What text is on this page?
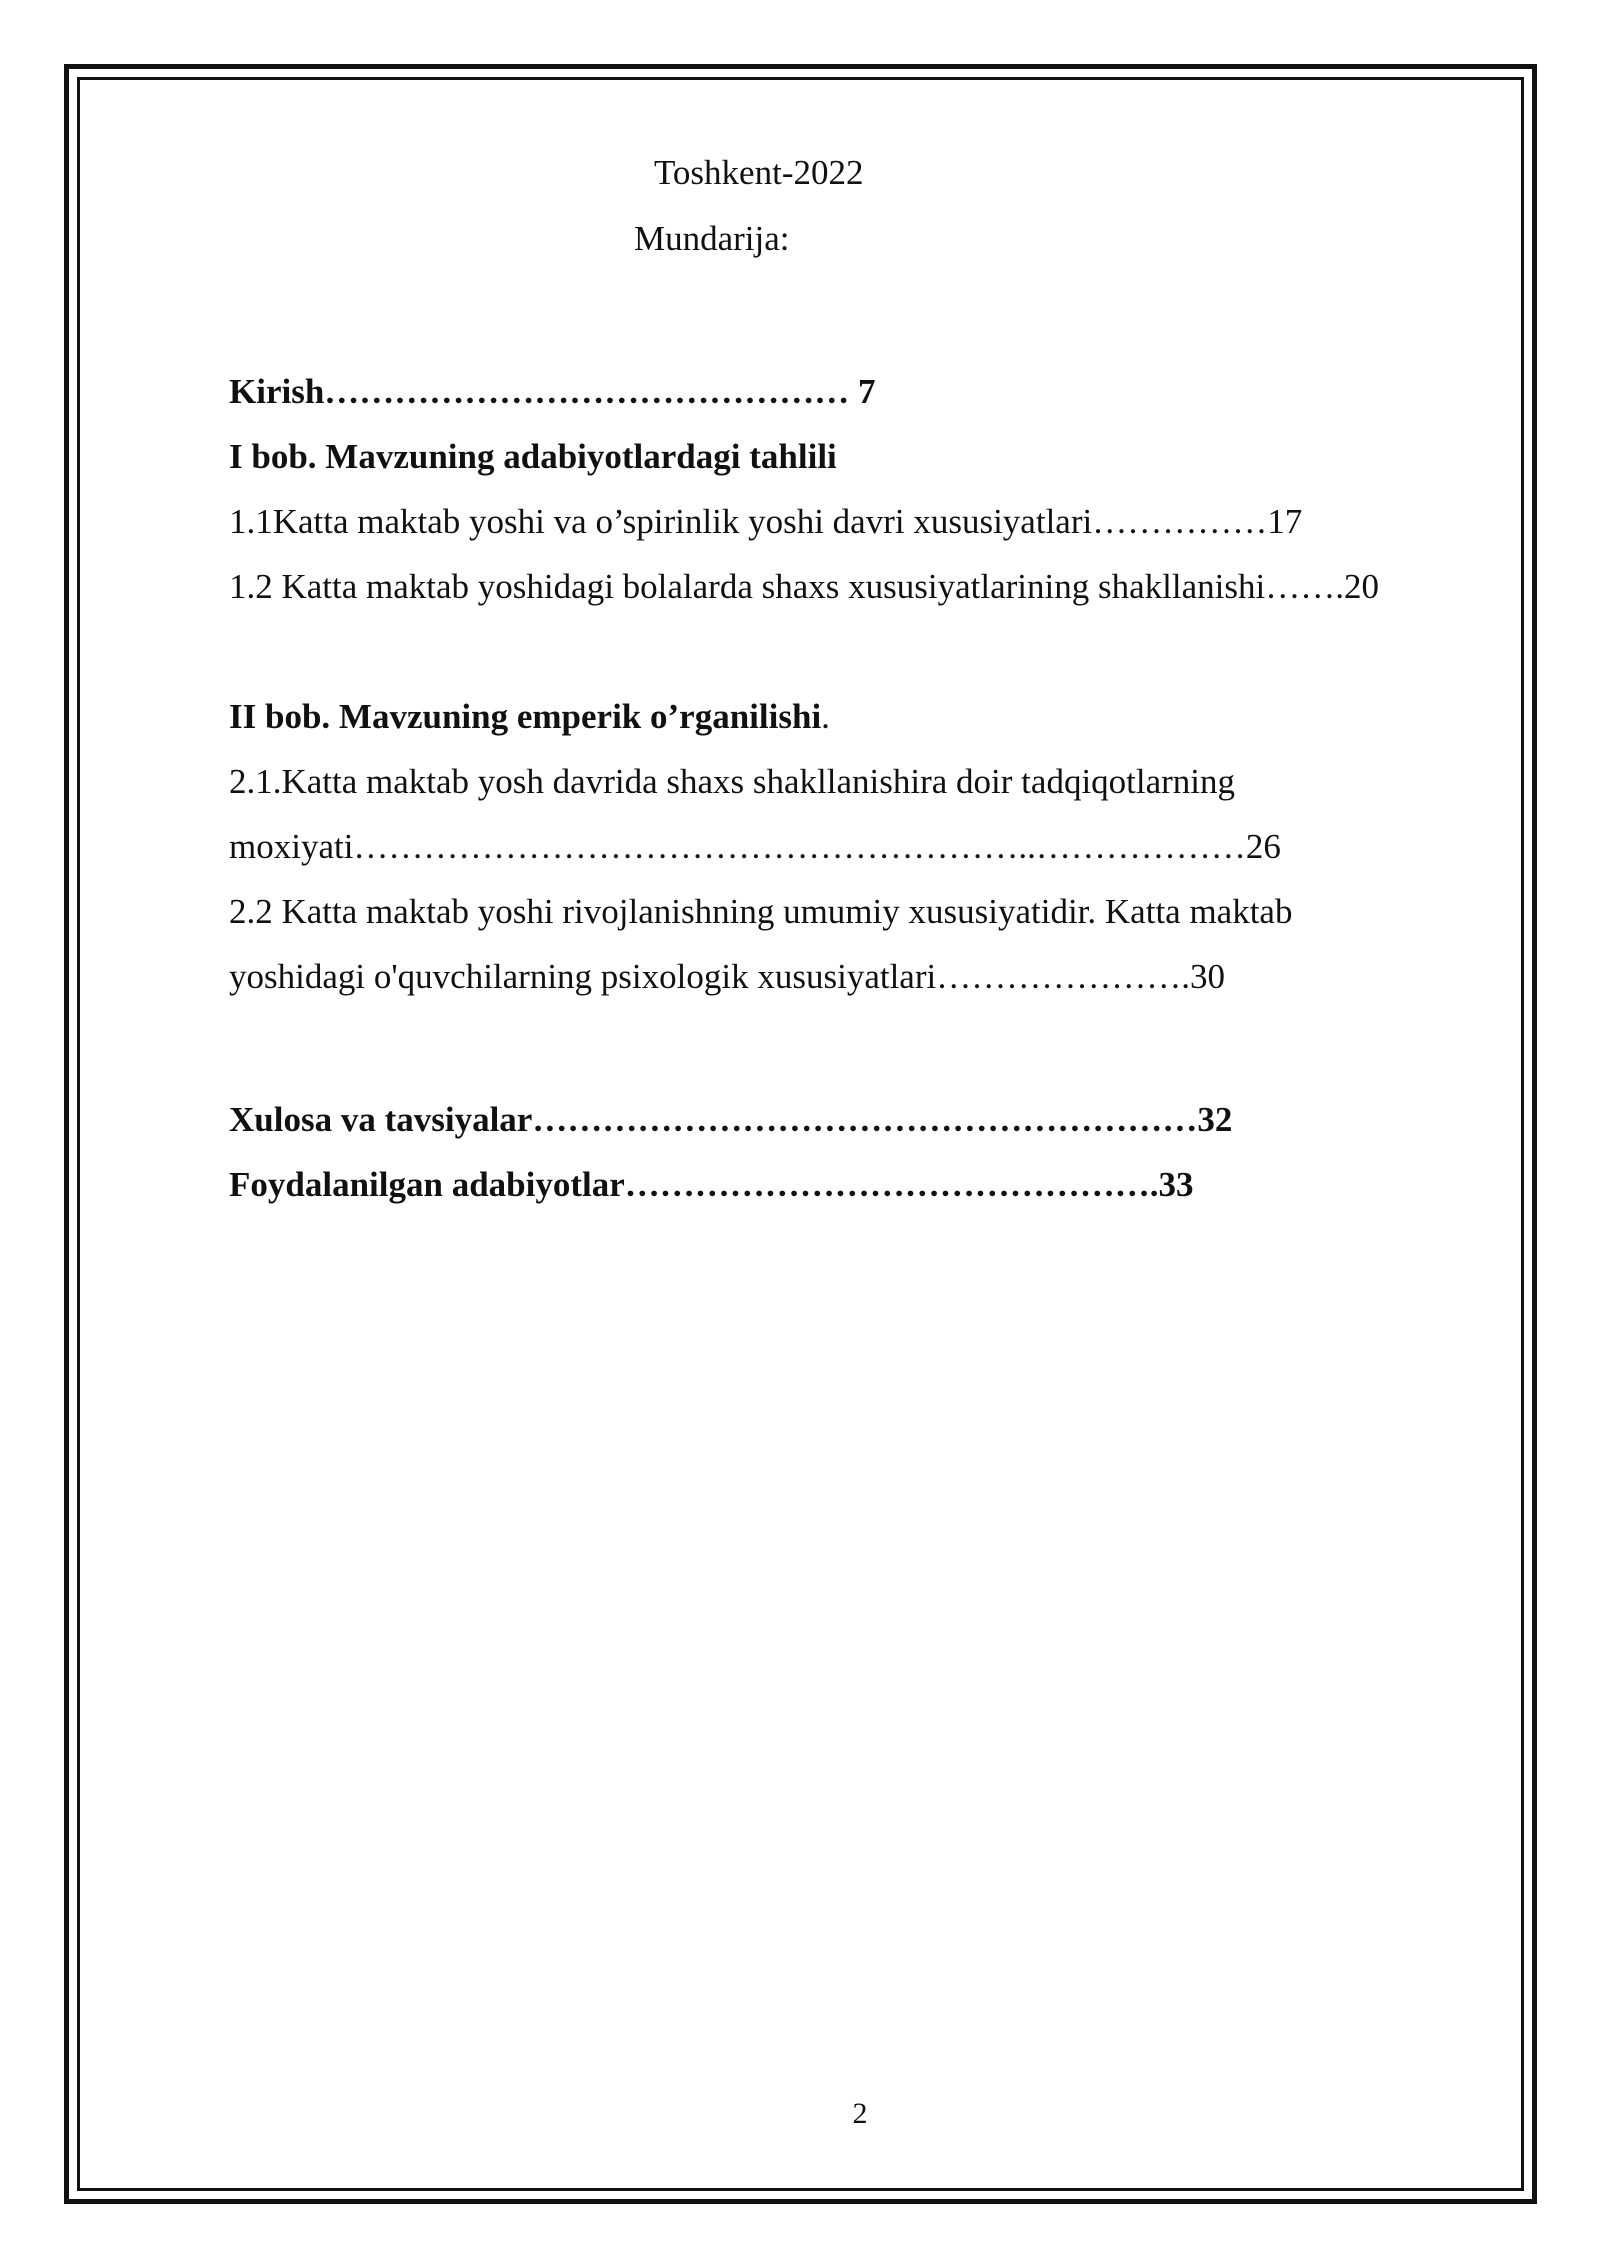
Toshkent-2022
Mundarija:
Kirish……………………………………… 7
I bob. Mavzuning adabiyotlardagi tahlili
1.1Katta maktab yoshi va o’spirinlik yoshi davri xususiyatlari……………17
1.2 Katta maktab yoshidagi bolalarda shaxs xususiyatlarining shakllanishi…….20
II bob. Mavzuning emperik o’rganilishi.
2.1.Katta maktab yosh davrida shaxs shakllanishira doir tadqiqotlarning
moxiyati…………………………………………………..………………26
2.2 Katta maktab yoshi rivojlanishning umumiy xususiyatidir. Katta maktab
yoshidagi o'quvchilarning psixologik xususiyatlari………………….30
Xulosa va tavsiyalar…………………………………………………32
Foydalanilgan adabiyotlar……………………………………….33
2
